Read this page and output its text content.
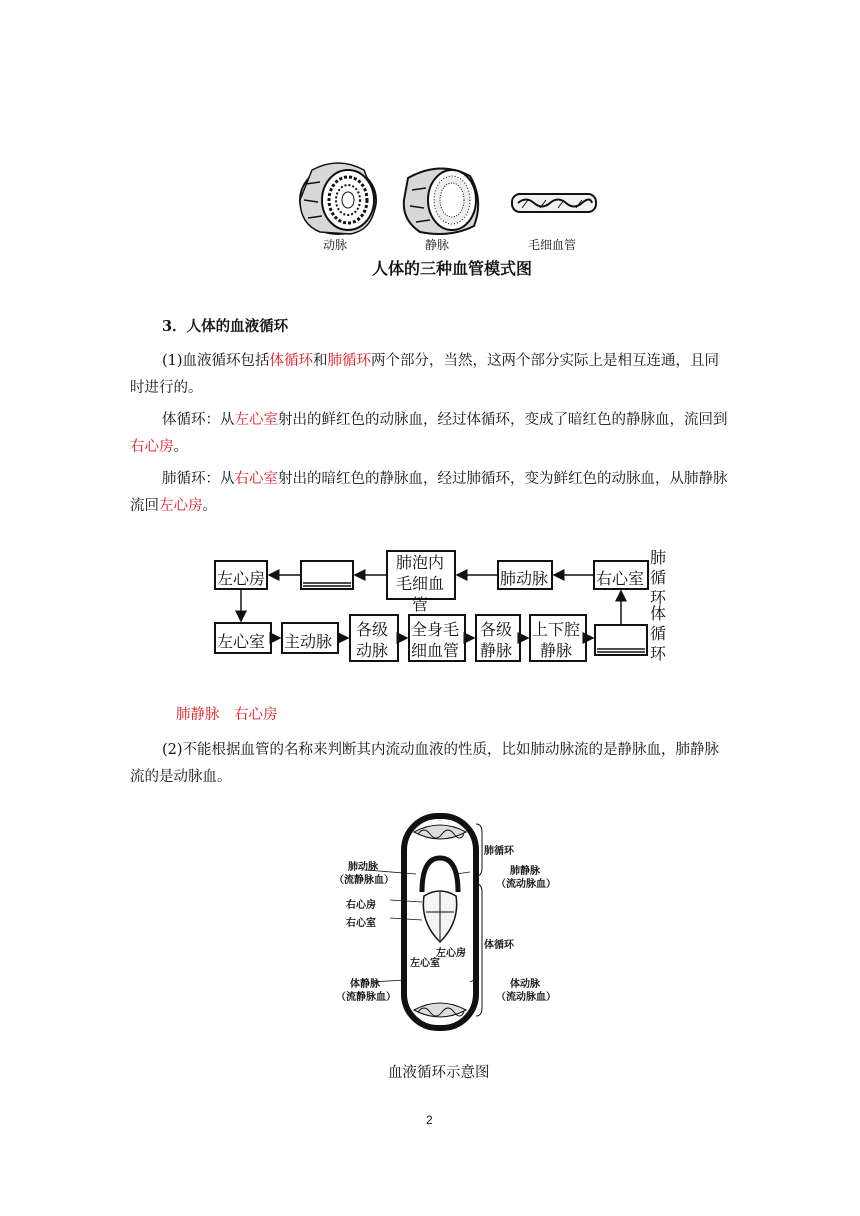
动脉	静脉	毛细血管
人体的三种血管模式图
3．人体的血液循环
(1)血液循环包括体循环和肺循环两个部分，当然，这两个部分实际上是相互连通，且同时进行的。
体循环：从左心室射出的鲜红色的动脉血，经过体循环，变成了暗红色的静脉血，流回到右心房。
肺循环：从右心室射出的暗红色的静脉血，经过肺循环，变为鲜红色的动脉血，从肺静脉流回左心房。
左心房
肺泡内毛细血管
肺动脉	右心室
左心室 主动脉
各级动脉
全身毛细血管
各级静脉
上下腔静脉
肺循环
体循环
肺静脉　右心房
(2)不能根据血管的名称来判断其内流动血液的性质，比如肺动脉流的是静脉血，肺静脉流的是动脉血。
肺循环
肺动脉
（流静脉血）
肺静脉
（流动脉血）
右心房
右心室
体循环
左心房
左心室
体静脉
（流静脉血）
体动脉
（流动脉血）
血液循环示意图
2
